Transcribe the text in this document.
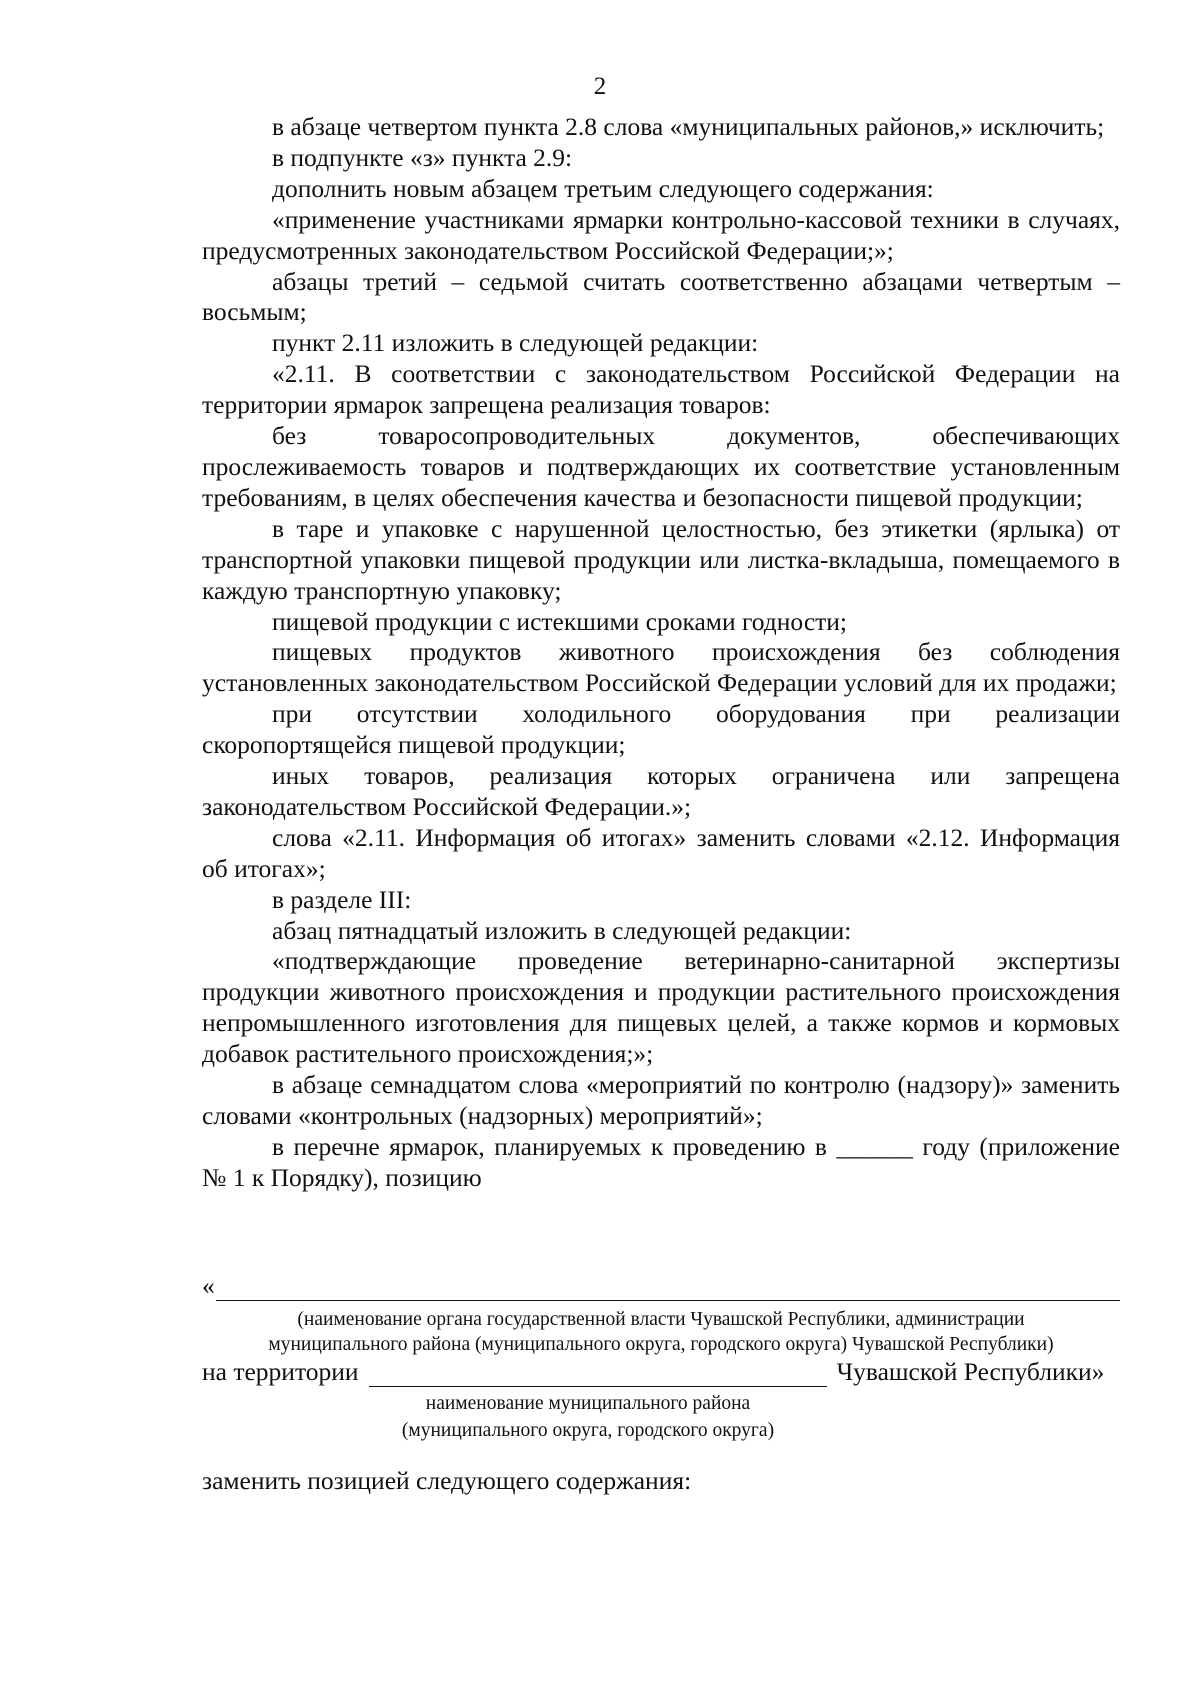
2

в абзаце четвертом пункта 2.8 слова «муниципальных районов,» исключить;

в подпункте «з» пункта 2.9:

дополнить новым абзацем третьим следующего содержания:

«применение участниками ярмарки контрольно-кассовой техники в случаях, предусмотренных законодательством Российской Федерации;»;

абзацы третий – седьмой считать соответственно абзацами четвертым – восьмым;

пункт 2.11 изложить в следующей редакции:

«2.11. В соответствии с законодательством Российской Федерации на территории ярмарок запрещена реализация товаров:

без товаросопроводительных документов, обеспечивающих прослеживаемость товаров и подтверждающих их соответствие установленным требованиям, в целях обеспечения качества и безопасности пищевой продукции;

в таре и упаковке с нарушенной целостностью, без этикетки (ярлыка) от транспортной упаковки пищевой продукции или листка-вкладыша, помещаемого в каждую транспортную упаковку;

пищевой продукции с истекшими сроками годности;

пищевых продуктов животного происхождения без соблюдения установленных законодательством Российской Федерации условий для их продажи;

при отсутствии холодильного оборудования при реализации скоропортящейся пищевой продукции;

иных товаров, реализация которых ограничена или запрещена законодательством Российской Федерации.»;

слова «2.11. Информация об итогах» заменить словами «2.12. Информация об итогах»;

в разделе III:

абзац пятнадцатый изложить в следующей редакции:

«подтверждающие проведение ветеринарно-санитарной экспертизы продукции животного происхождения и продукции растительного происхождения непромышленного изготовления для пищевых целей, а также кормов и кормовых добавок растительного происхождения;»;

в абзаце семнадцатом слова «мероприятий по контролю (надзору)» заменить словами «контрольных (надзорных) мероприятий»;

в перечне ярмарок, планируемых к проведению в ______ году (приложение № 1 к Порядку), позицию

«
(наименование органа государственной власти Чувашской Республики, администрации
муниципального района (муниципального округа, городского округа) Чувашской Республики)
на территории	Чувашской Республики»
наименование муниципального района
(муниципального округа, городского округа)
заменить позицией следующего содержания:
